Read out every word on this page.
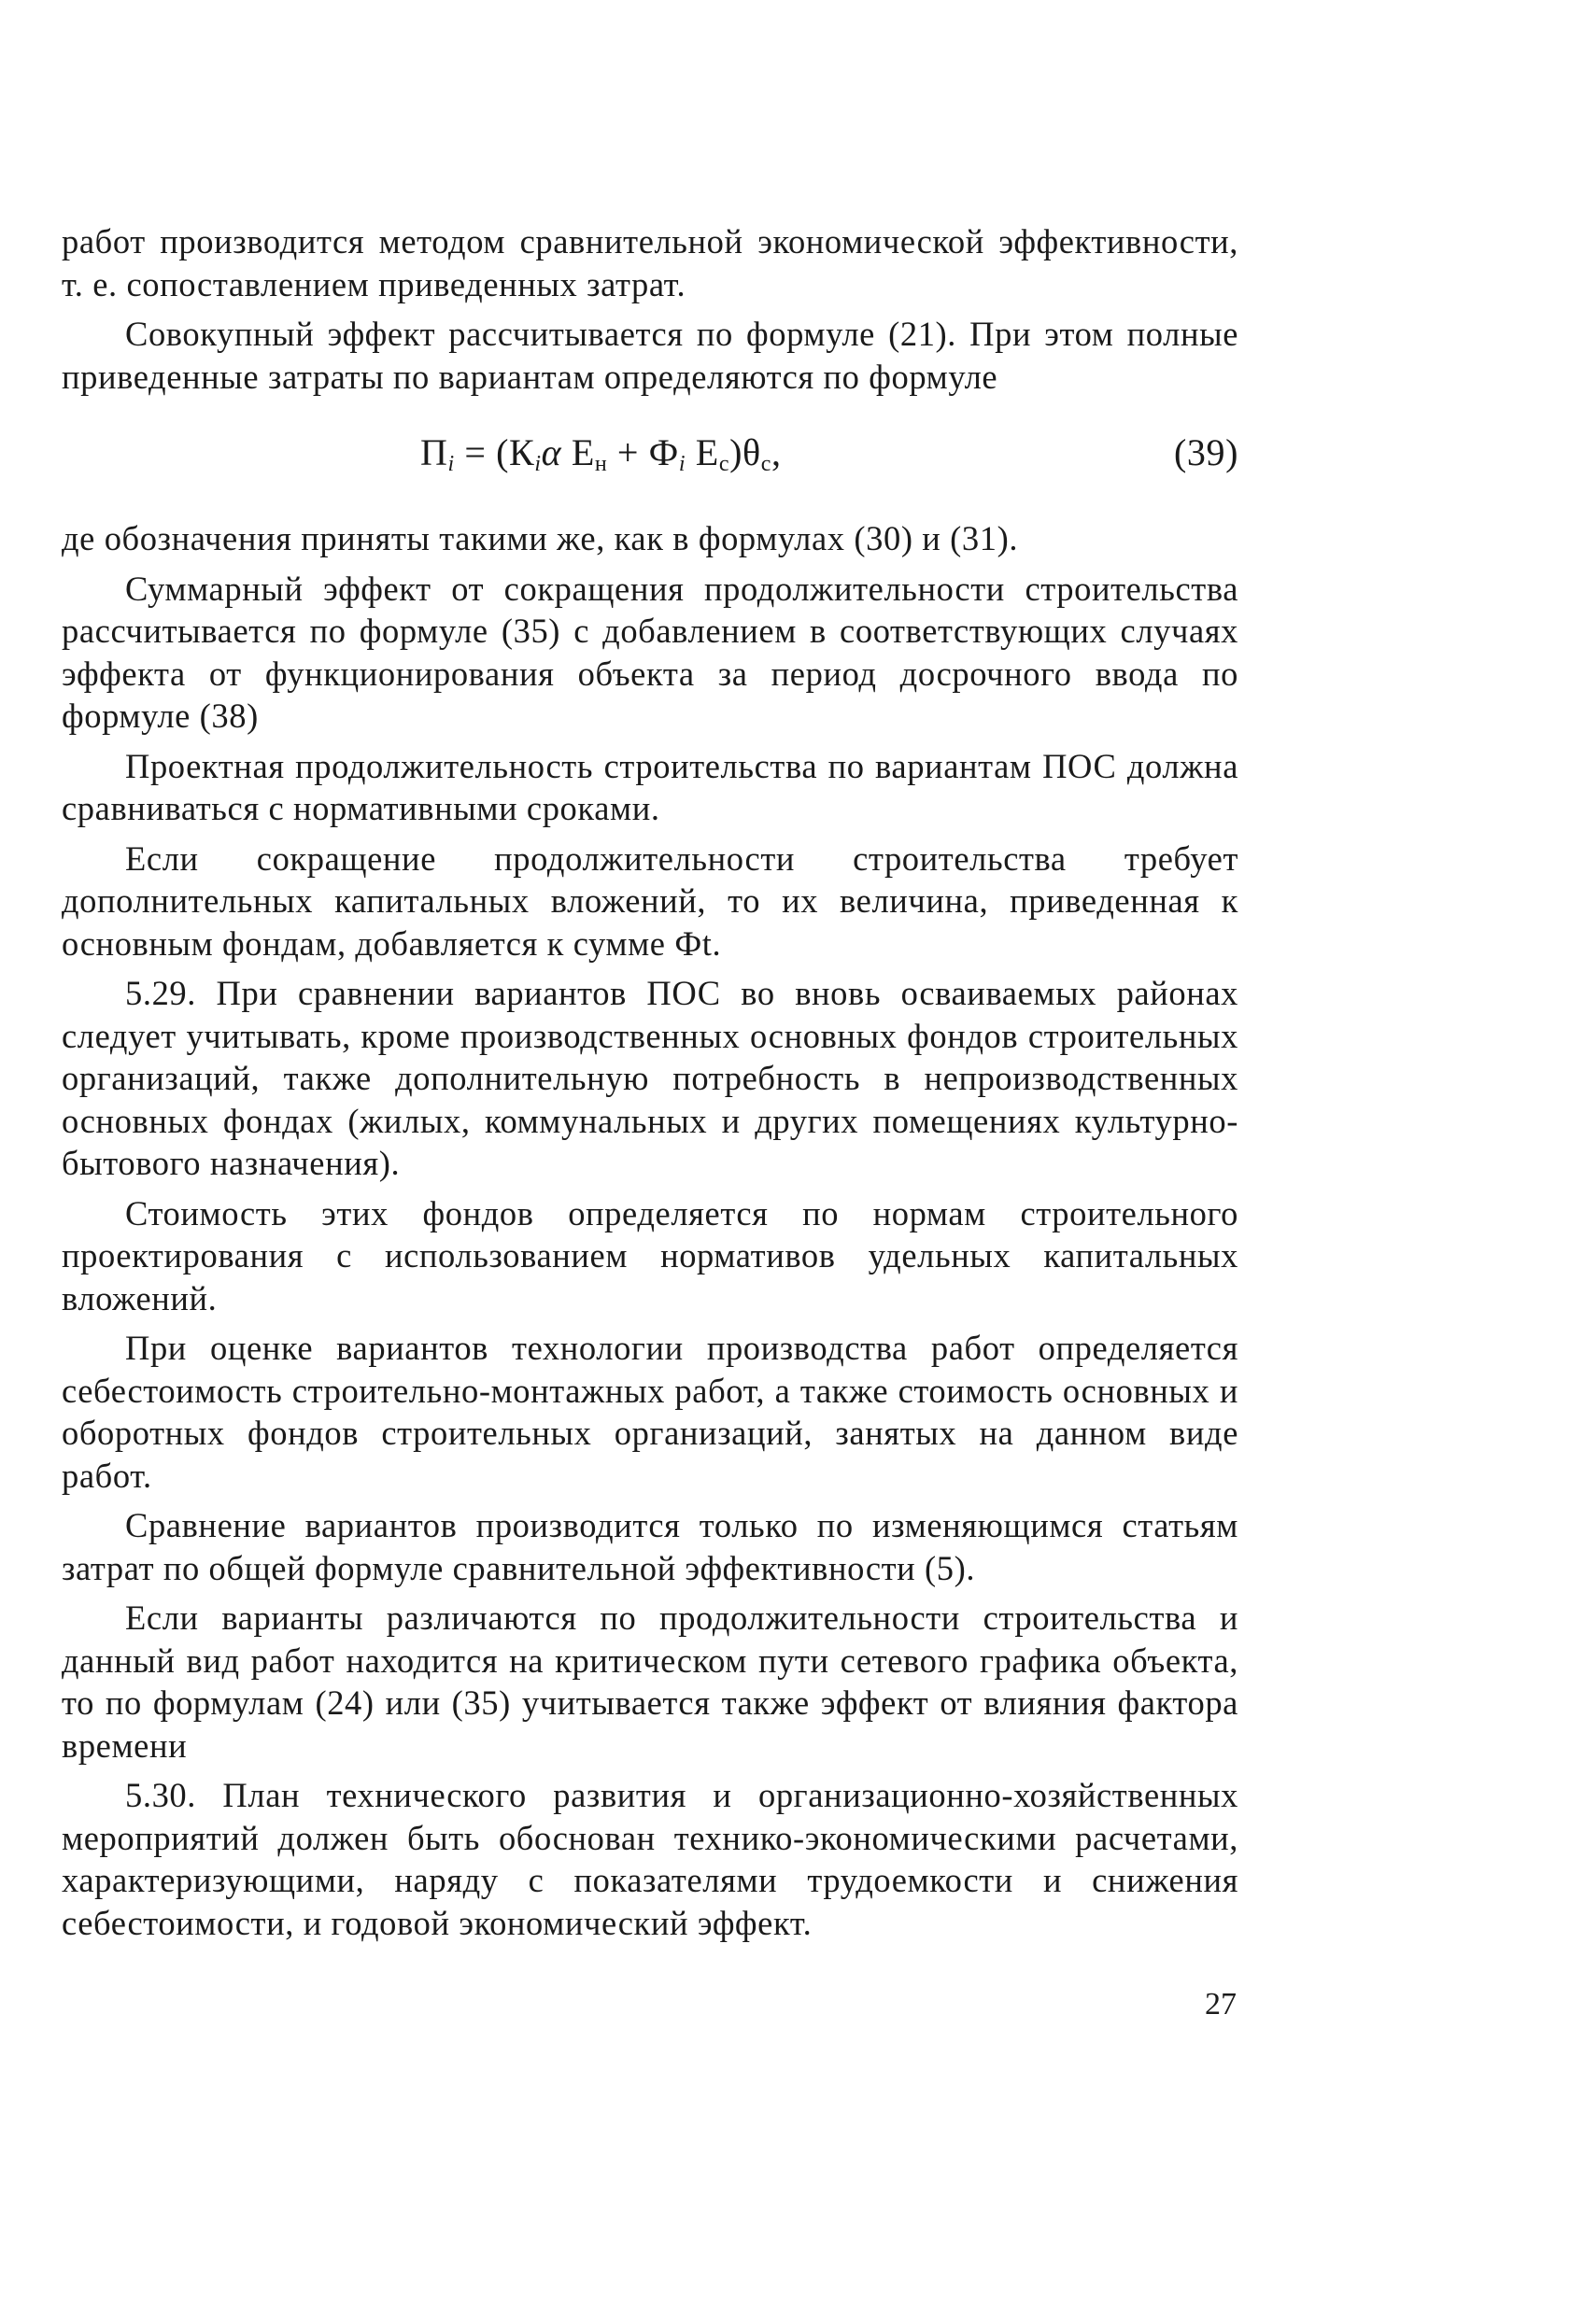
работ производится методом сравнительной экономической эффективности, т. е. сопоставлением приведенных затрат.

Совокупный эффект рассчитывается по формуле (21). При этом полные приведенные затраты по вариантам определяются по формуле

$П_i = (К_i\alpha$ $Е_н + Ф_i$ $Е_с)\theta_с$,	(39)

де обозначения приняты такими же, как в формулах (30) и (31).

Суммарный эффект от сокращения продолжительности строительства рассчитывается по формуле (35) с добавлением в соответствующих случаях эффекта от функционирования объекта за период досрочного ввода по формуле (38)

Проектная продолжительность строительства по вариантам ПОС должна сравниваться с нормативными сроками.

Если сокращение продолжительности строительства требует дополнительных капитальных вложений, то их величина, приведенная к основным фондам, добавляется к сумме Фt.

5.29. При сравнении вариантов ПОС во вновь осваиваемых районах следует учитывать, кроме производственных основных фондов строительных организаций, также дополнительную потребность в непроизводственных основных фондах (жилых, коммунальных и других помещениях культурно-бытового назначения).

Стоимость этих фондов определяется по нормам строительного проектирования с использованием нормативов удельных капитальных вложений.

При оценке вариантов технологии производства работ определяется себестоимость строительно-монтажных работ, а также стоимость основных и оборотных фондов строительных организаций, занятых на данном виде работ.

Сравнение вариантов производится только по изменяющимся статьям затрат по общей формуле сравнительной эффективности (5).

Если варианты различаются по продолжительности строительства и данный вид работ находится на критическом пути сетевого графика объекта, то по формулам (24) или (35) учитывается также эффект от влияния фактора времени

5.30. План технического развития и организационно-хозяйственных мероприятий должен быть обоснован технико-экономическими расчетами, характеризующими, наряду с показателями трудоемкости и снижения себестоимости, и годовой экономический эффект.

27
